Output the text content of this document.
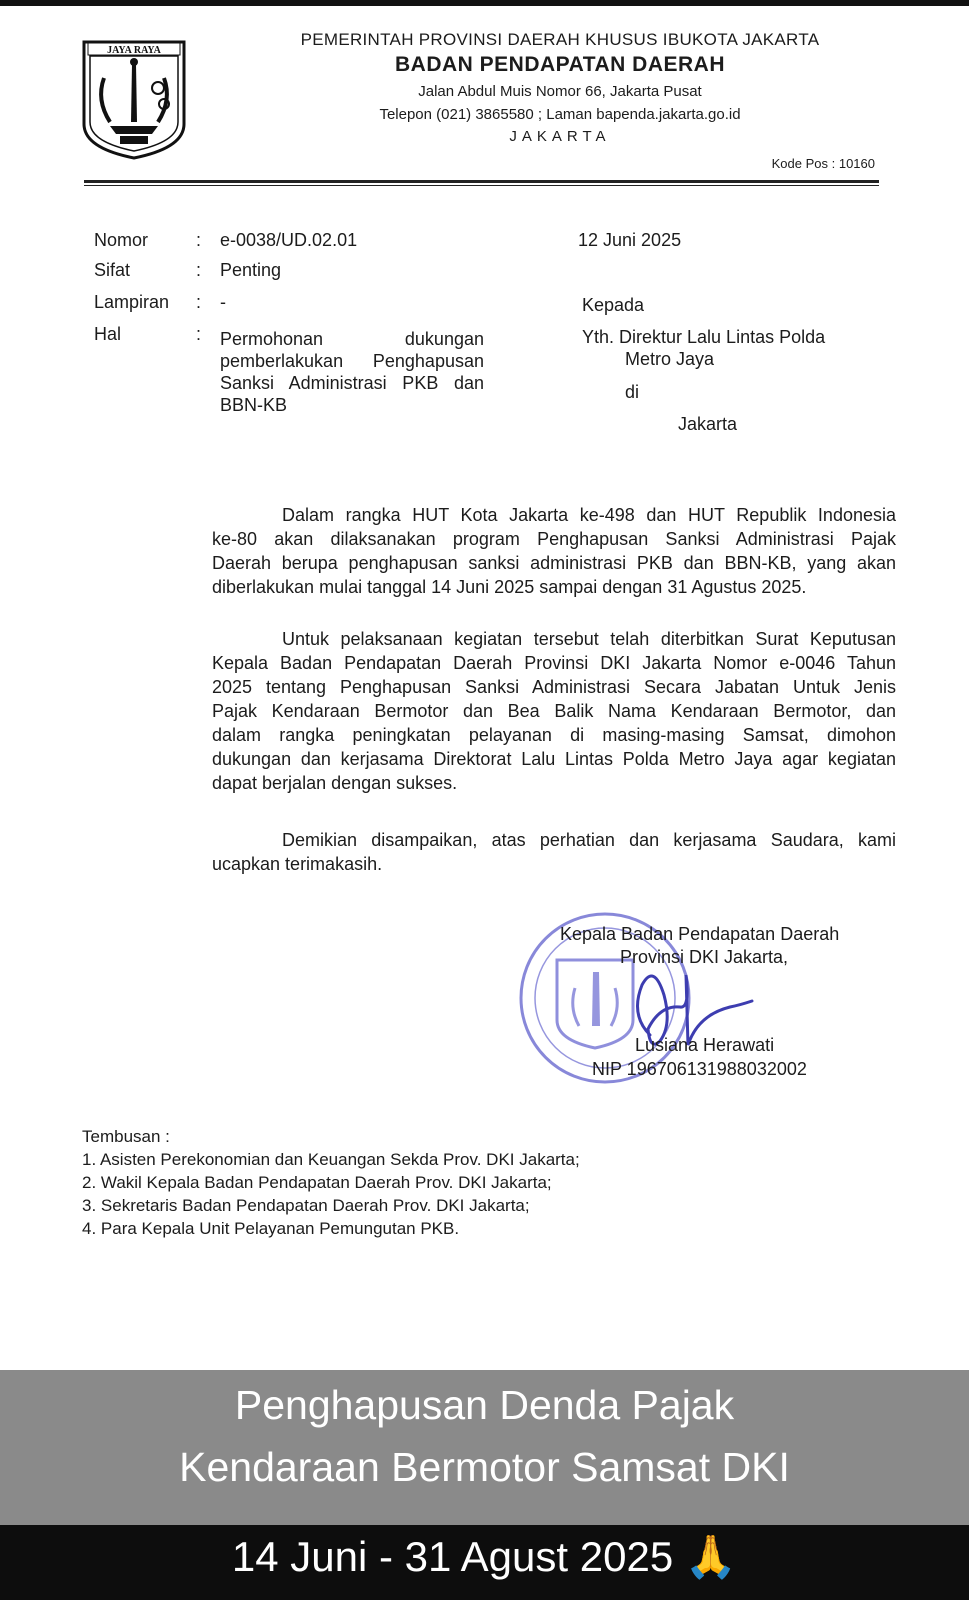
JAYA RAYA
PEMERINTAH PROVINSI DAERAH KHUSUS IBUKOTA JAKARTA
BADAN PENDAPATAN DAERAH
Jalan Abdul Muis Nomor 66, Jakarta Pusat
Telepon (021) 3865580 ; Laman bapenda.jakarta.go.id
JAKARTA
Kode Pos : 10160
Nomor	: e-0038/UD.02.01
Sifat	: Penting
Lampiran : -
Hal	: Permohonan dukungan
pemberlakukan Penghapusan
Sanksi Administrasi PKB dan
BBN-KB
12 Juni 2025
Kepada
Yth. Direktur Lalu Lintas Polda
Metro Jaya
di
Jakarta
Dalam rangka HUT Kota Jakarta ke-498 dan HUT Republik Indonesia
ke-80 akan dilaksanakan program Penghapusan Sanksi Administrasi Pajak
Daerah berupa penghapusan sanksi administrasi PKB dan BBN-KB, yang akan
diberlakukan mulai tanggal 14 Juni 2025 sampai dengan 31 Agustus 2025.
Untuk pelaksanaan kegiatan tersebut telah diterbitkan Surat Keputusan
Kepala Badan Pendapatan Daerah Provinsi DKI Jakarta Nomor e-0046 Tahun
2025 tentang Penghapusan Sanksi Administrasi Secara Jabatan Untuk Jenis
Pajak Kendaraan Bermotor dan Bea Balik Nama Kendaraan Bermotor, dan
dalam rangka peningkatan pelayanan di masing-masing Samsat, dimohon
dukungan dan kerjasama Direktorat Lalu Lintas Polda Metro Jaya agar kegiatan
dapat berjalan dengan sukses.
Demikian disampaikan, atas perhatian dan kerjasama Saudara, kami
ucapkan terimakasih.
Kepala Badan Pendapatan Daerah
Provinsi DKI Jakarta,
Lusiana Herawati
NIP 196706131988032002
Tembusan :
1. Asisten Perekonomian dan Keuangan Sekda Prov. DKI Jakarta;
2. Wakil Kepala Badan Pendapatan Daerah Prov. DKI Jakarta;
3. Sekretaris Badan Pendapatan Daerah Prov. DKI Jakarta;
4. Para Kepala Unit Pelayanan Pemungutan PKB.
Penghapusan Denda Pajak
Kendaraan Bermotor Samsat DKI
14 Juni - 31 Agust 2025 🙏
